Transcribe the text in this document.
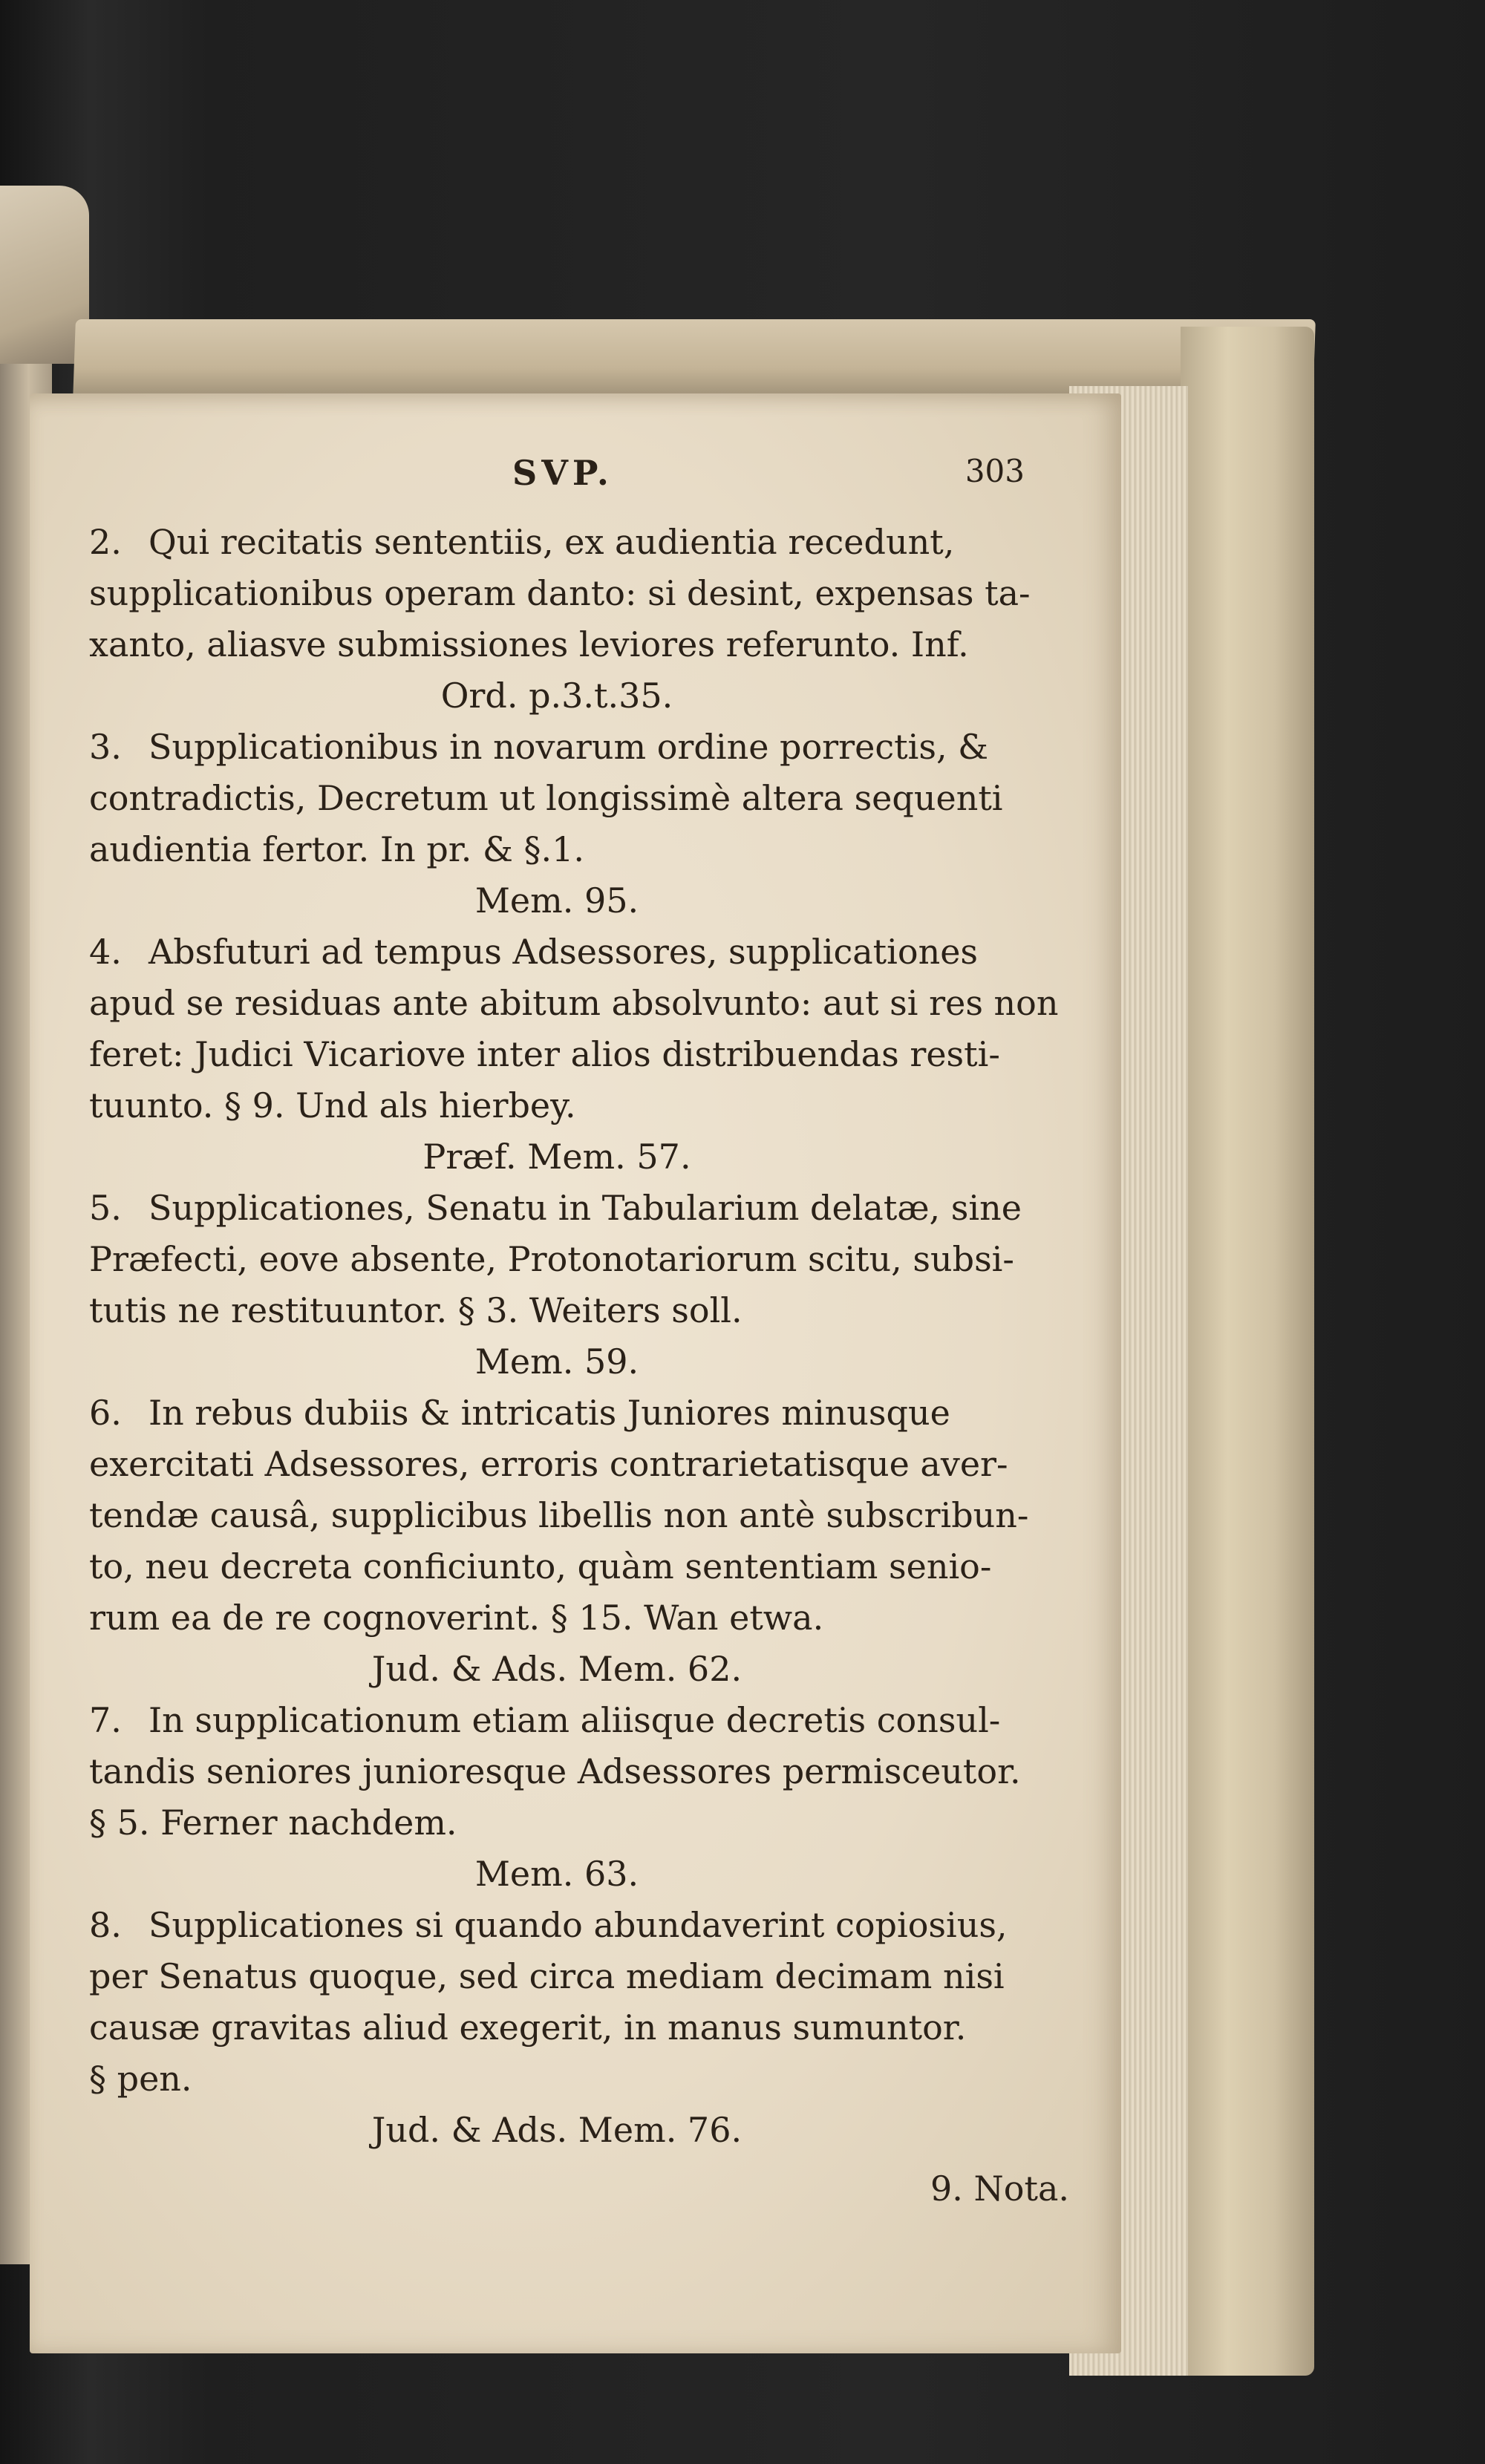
SVP.	303
2. Qui recitatis sententiis, ex audientia recedunt,
supplicationibus operam danto: si desint, expensas ta-
xanto, aliasve submissiones leviores referunto. Inf.
Ord. p.3.t.35.
3. Supplicationibus in novarum ordine porrectis, &
contradictis, Decretum ut longissimè altera sequenti
audientia fertor. In pr. & §.1.
Mem. 95.
4. Absfuturi ad tempus Adsessores, supplicationes
apud se residuas ante abitum absolvunto: aut si res non
feret: Judici Vicariove inter alios distribuendas resti-
tuunto. § 9. Und als hierbey.
Præf. Mem. 57.
5. Supplicationes, Senatu in Tabularium delatæ, sine
Præfecti, eove absente, Protonotariorum scitu, subsi-
tutis ne restituuntor. § 3. Weiters soll.
Mem. 59.
6. In rebus dubiis & intricatis Juniores minusque
exercitati Adsessores, erroris contrarietatisque aver-
tendæ causâ, supplicibus libellis non antè subscribun-
to, neu decreta conficiunto, quàm sententiam senio-
rum ea de re cognoverint. § 15. Wan etwa.
Jud. & Ads. Mem. 62.
7. In supplicationum etiam aliisque decretis consul-
tandis seniores junioresque Adsessores permisceutor.
§ 5. Ferner nachdem.
Mem. 63.
8. Supplicationes si quando abundaverint copiosius,
per Senatus quoque, sed circa mediam decimam nisi
causæ gravitas aliud exegerit, in manus sumuntor.
§ pen.
Jud. & Ads. Mem. 76.
9. Nota.
